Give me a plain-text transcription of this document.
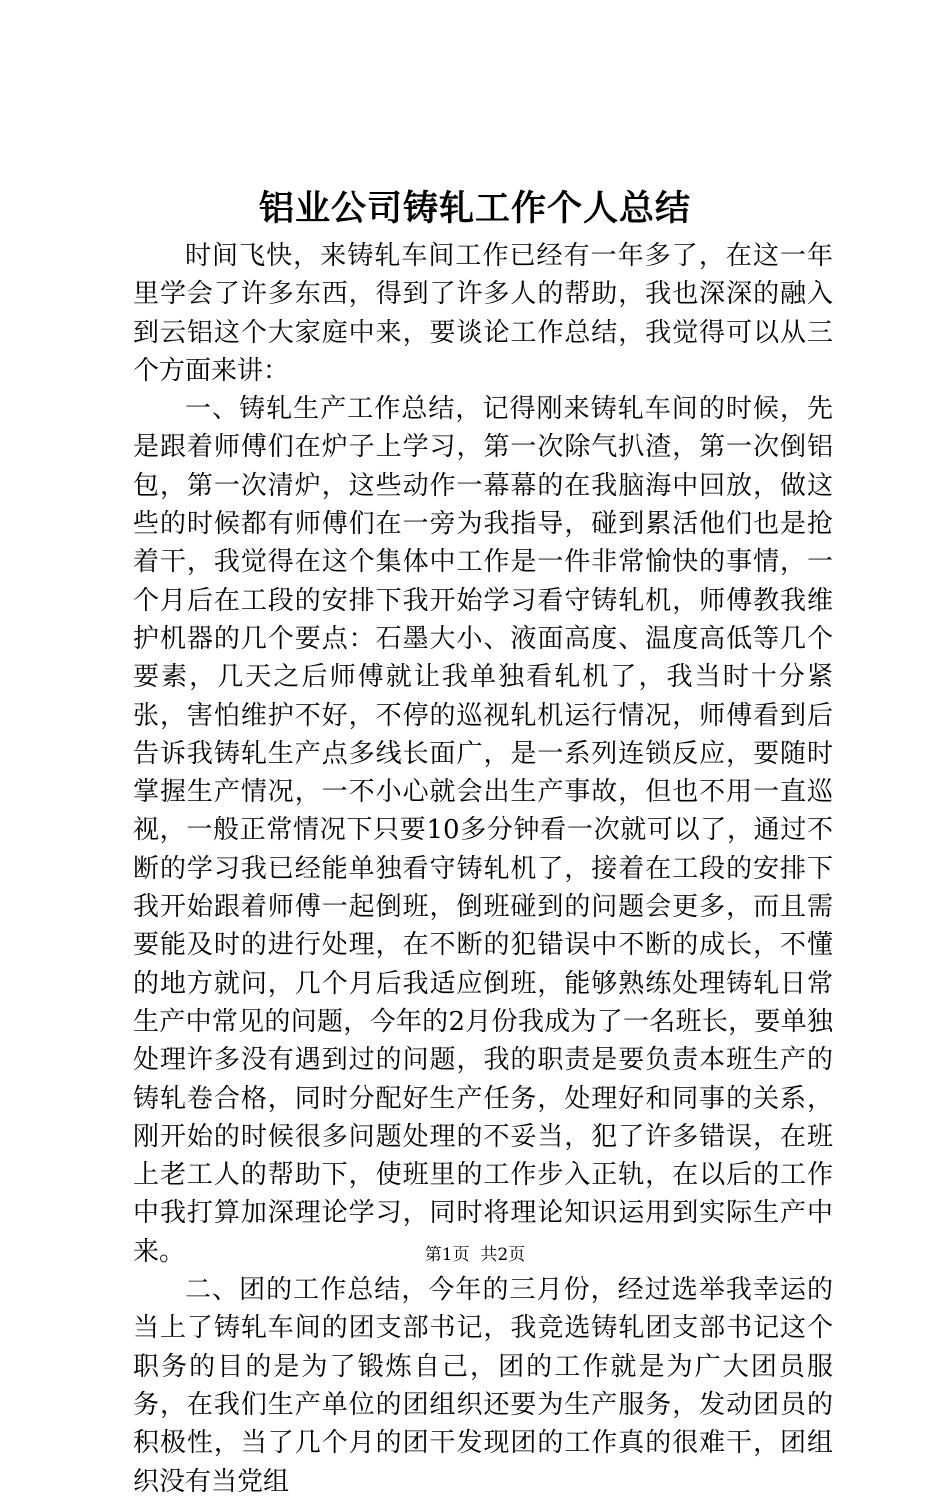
铝业公司铸轧工作个人总结

时间飞快，来铸轧车间工作已经有一年多了，在这一年里学会了许多东西，得到了许多人的帮助，我也深深的融入到云铝这个大家庭中来，要谈论工作总结，我觉得可以从三个方面来讲：

一、铸轧生产工作总结，记得刚来铸轧车间的时候，先是跟着师傅们在炉子上学习，第一次除气扒渣，第一次倒铝包，第一次清炉，这些动作一幕幕的在我脑海中回放，做这些的时候都有师傅们在一旁为我指导，碰到累活他们也是抢着干，我觉得在这个集体中工作是一件非常愉快的事情，一个月后在工段的安排下我开始学习看守铸轧机，师傅教我维护机器的几个要点：石墨大小、液面高度、温度高低等几个要素，几天之后师傅就让我单独看轧机了，我当时十分紧张，害怕维护不好，不停的巡视轧机运行情况，师傅看到后告诉我铸轧生产点多线长面广，是一系列连锁反应，要随时掌握生产情况，一不小心就会出生产事故，但也不用一直巡视，一般正常情况下只要10多分钟看一次就可以了，通过不断的学习我已经能单独看守铸轧机了，接着在工段的安排下我开始跟着师傅一起倒班，倒班碰到的问题会更多，而且需要能及时的进行处理，在不断的犯错误中不断的成长，不懂的地方就问，几个月后我适应倒班，能够熟练处理铸轧日常生产中常见的问题，今年的2月份我成为了一名班长，要单独处理许多没有遇到过的问题，我的职责是要负责本班生产的铸轧卷合格，同时分配好生产任务，处理好和同事的关系，刚开始的时候很多问题处理的不妥当，犯了许多错误，在班上老工人的帮助下，使班里的工作步入正轨，在以后的工作中我打算加深理论学习，同时将理论知识运用到实际生产中来。

二、团的工作总结，今年的三月份，经过选举我幸运的当上了铸轧车间的团支部书记，我竞选铸轧团支部书记这个职务的目的是为了锻炼自己，团的工作就是为广大团员服务，在我们生产单位的团组织还要为生产服务，发动团员的积极性，当了几个月的团干发现团的工作真的很难干，团组织没有当党组

第1页  共2页
